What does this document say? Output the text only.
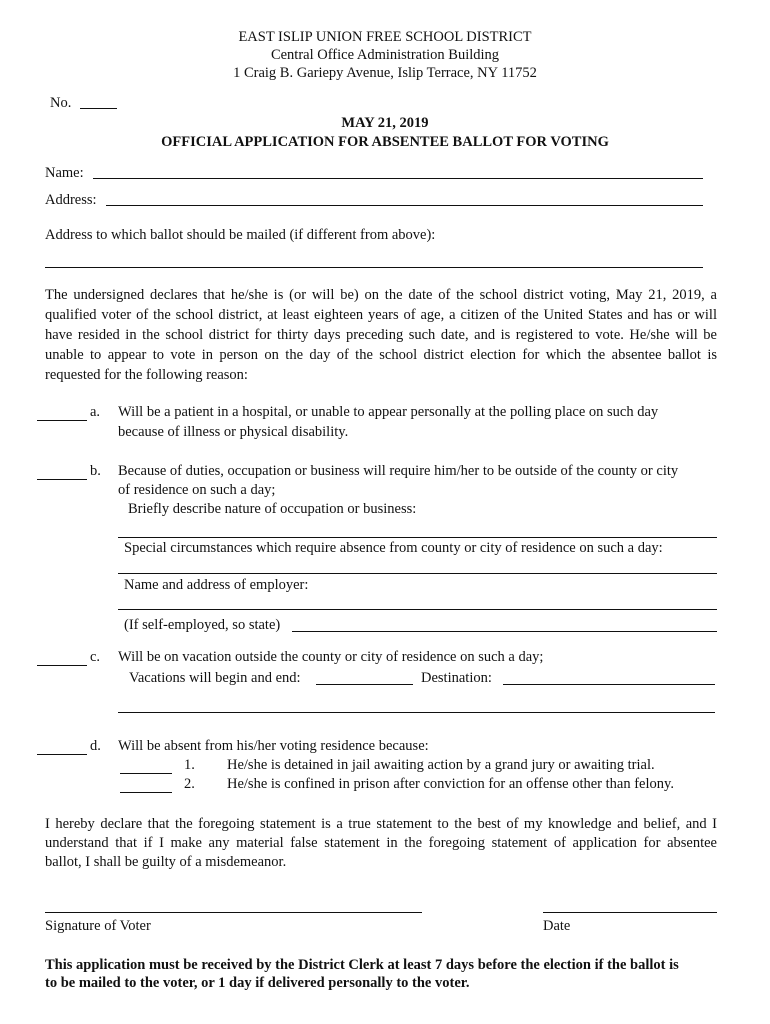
EAST ISLIP UNION FREE SCHOOL DISTRICT
Central Office Administration Building
1 Craig B. Gariepy Avenue, Islip Terrace, NY 11752
No.
MAY 21, 2019
OFFICIAL APPLICATION FOR ABSENTEE BALLOT FOR VOTING
Name:
Address:
Address to which ballot should be mailed (if different from above):
The undersigned declares that he/she is (or will be) on the date of the school district voting, May 21, 2019, a
qualified voter of the school district, at least eighteen years of age, a citizen of the United States and has or will
have resided in the school district for thirty days preceding such date, and is registered to vote. He/she will be
unable to appear to vote in person on the day of the school district election for which the absentee ballot is
requested for the following reason:
a. Will be a patient in a hospital, or unable to appear personally at the polling place on such day
because of illness or physical disability.
b. Because of duties, occupation or business will require him/her to be outside of the county or city
of residence on such a day;
Briefly describe nature of occupation or business:
Special circumstances which require absence from county or city of residence on such a day:
Name and address of employer:
(If self-employed, so state)
c. Will be on vacation outside the county or city of residence on such a day;
Vacations will begin and end:	Destination:
d. Will be absent from his/her voting residence because:
1. He/she is detained in jail awaiting action by a grand jury or awaiting trial.
2. He/she is confined in prison after conviction for an offense other than felony.
I hereby declare that the foregoing statement is a true statement to the best of my knowledge and belief, and I
understand that if I make any material false statement in the foregoing statement of application for absentee
ballot, I shall be guilty of a misdemeanor.
Signature of Voter	Date
This application must be received by the District Clerk at least 7 days before the election if the ballot is
to be mailed to the voter, or 1 day if delivered personally to the voter.
